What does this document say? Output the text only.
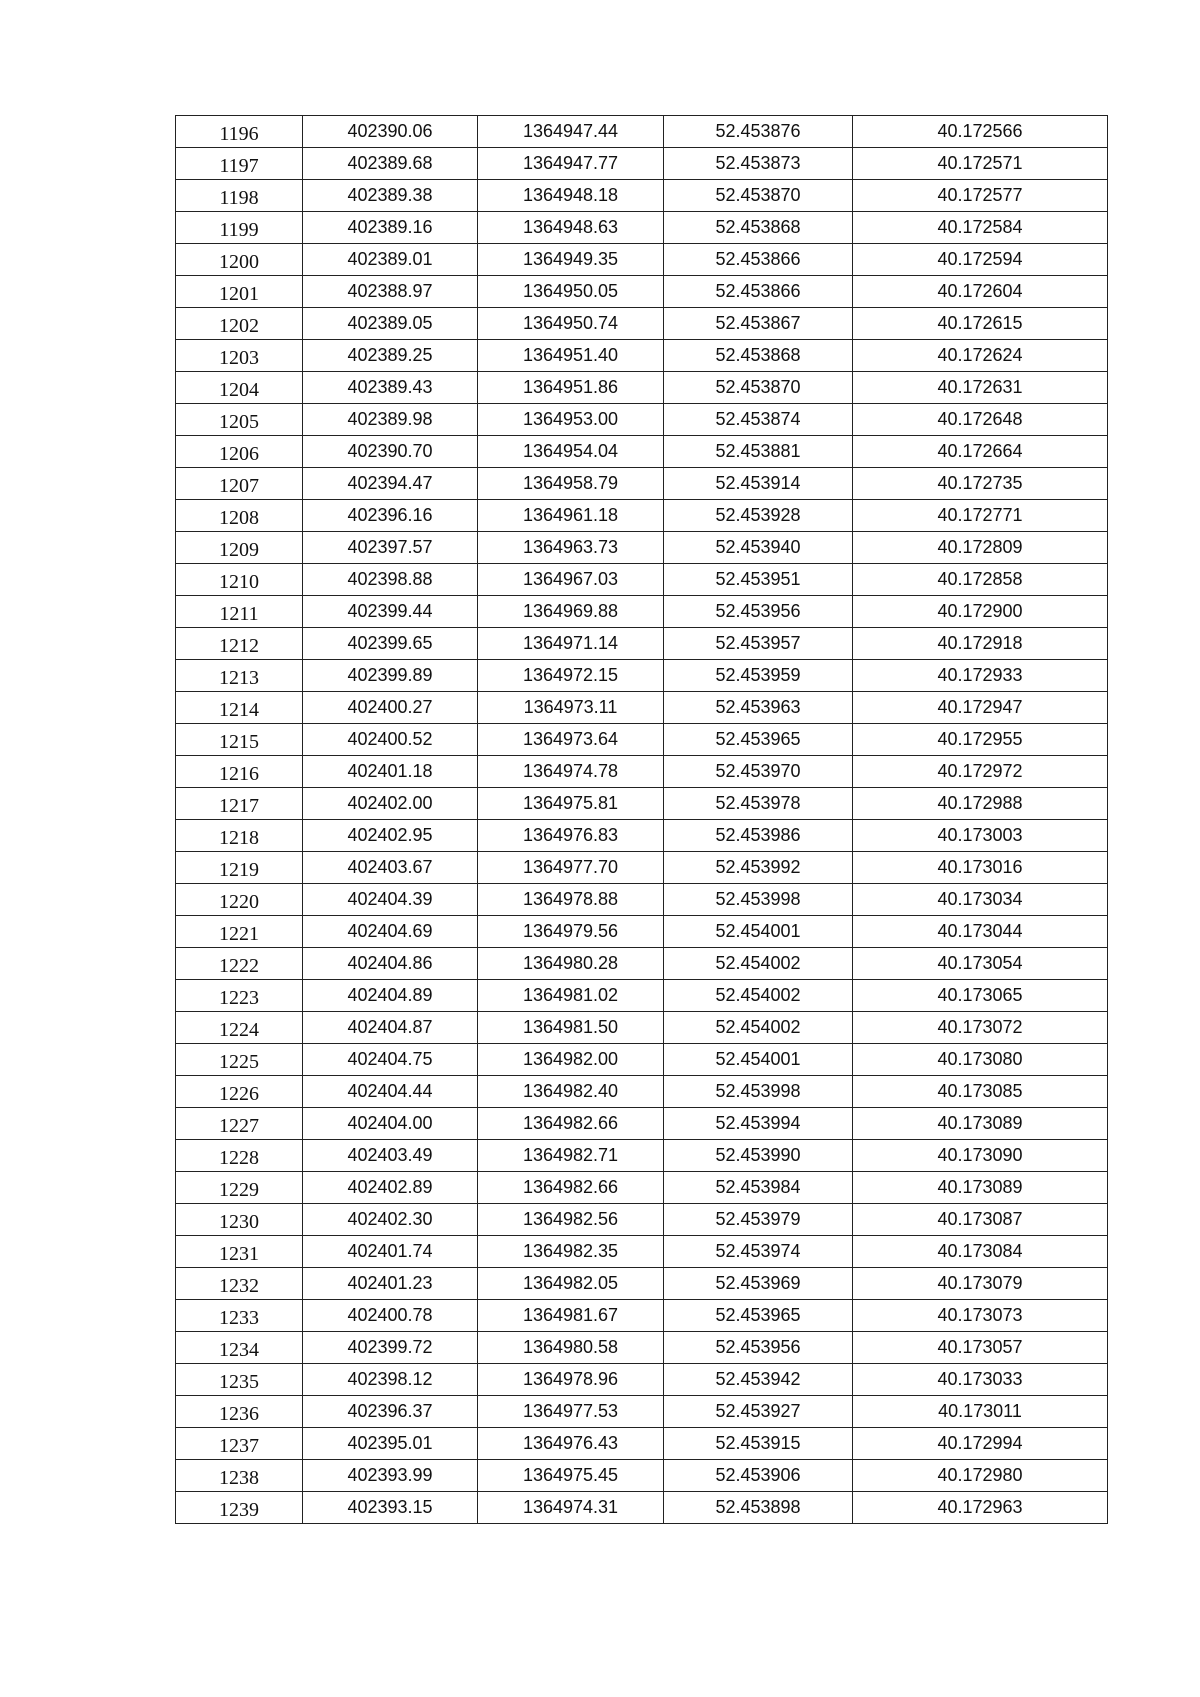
1196	402390.06	1364947.44	52.453876	40.172566
1197	402389.68	1364947.77	52.453873	40.172571
1198	402389.38	1364948.18	52.453870	40.172577
1199	402389.16	1364948.63	52.453868	40.172584
1200	402389.01	1364949.35	52.453866	40.172594
1201	402388.97	1364950.05	52.453866	40.172604
1202	402389.05	1364950.74	52.453867	40.172615
1203	402389.25	1364951.40	52.453868	40.172624
1204	402389.43	1364951.86	52.453870	40.172631
1205	402389.98	1364953.00	52.453874	40.172648
1206	402390.70	1364954.04	52.453881	40.172664
1207	402394.47	1364958.79	52.453914	40.172735
1208	402396.16	1364961.18	52.453928	40.172771
1209	402397.57	1364963.73	52.453940	40.172809
1210	402398.88	1364967.03	52.453951	40.172858
1211	402399.44	1364969.88	52.453956	40.172900
1212	402399.65	1364971.14	52.453957	40.172918
1213	402399.89	1364972.15	52.453959	40.172933
1214	402400.27	1364973.11	52.453963	40.172947
1215	402400.52	1364973.64	52.453965	40.172955
1216	402401.18	1364974.78	52.453970	40.172972
1217	402402.00	1364975.81	52.453978	40.172988
1218	402402.95	1364976.83	52.453986	40.173003
1219	402403.67	1364977.70	52.453992	40.173016
1220	402404.39	1364978.88	52.453998	40.173034
1221	402404.69	1364979.56	52.454001	40.173044
1222	402404.86	1364980.28	52.454002	40.173054
1223	402404.89	1364981.02	52.454002	40.173065
1224	402404.87	1364981.50	52.454002	40.173072
1225	402404.75	1364982.00	52.454001	40.173080
1226	402404.44	1364982.40	52.453998	40.173085
1227	402404.00	1364982.66	52.453994	40.173089
1228	402403.49	1364982.71	52.453990	40.173090
1229	402402.89	1364982.66	52.453984	40.173089
1230	402402.30	1364982.56	52.453979	40.173087
1231	402401.74	1364982.35	52.453974	40.173084
1232	402401.23	1364982.05	52.453969	40.173079
1233	402400.78	1364981.67	52.453965	40.173073
1234	402399.72	1364980.58	52.453956	40.173057
1235	402398.12	1364978.96	52.453942	40.173033
1236	402396.37	1364977.53	52.453927	40.173011
1237	402395.01	1364976.43	52.453915	40.172994
1238	402393.99	1364975.45	52.453906	40.172980
1239	402393.15	1364974.31	52.453898	40.172963
